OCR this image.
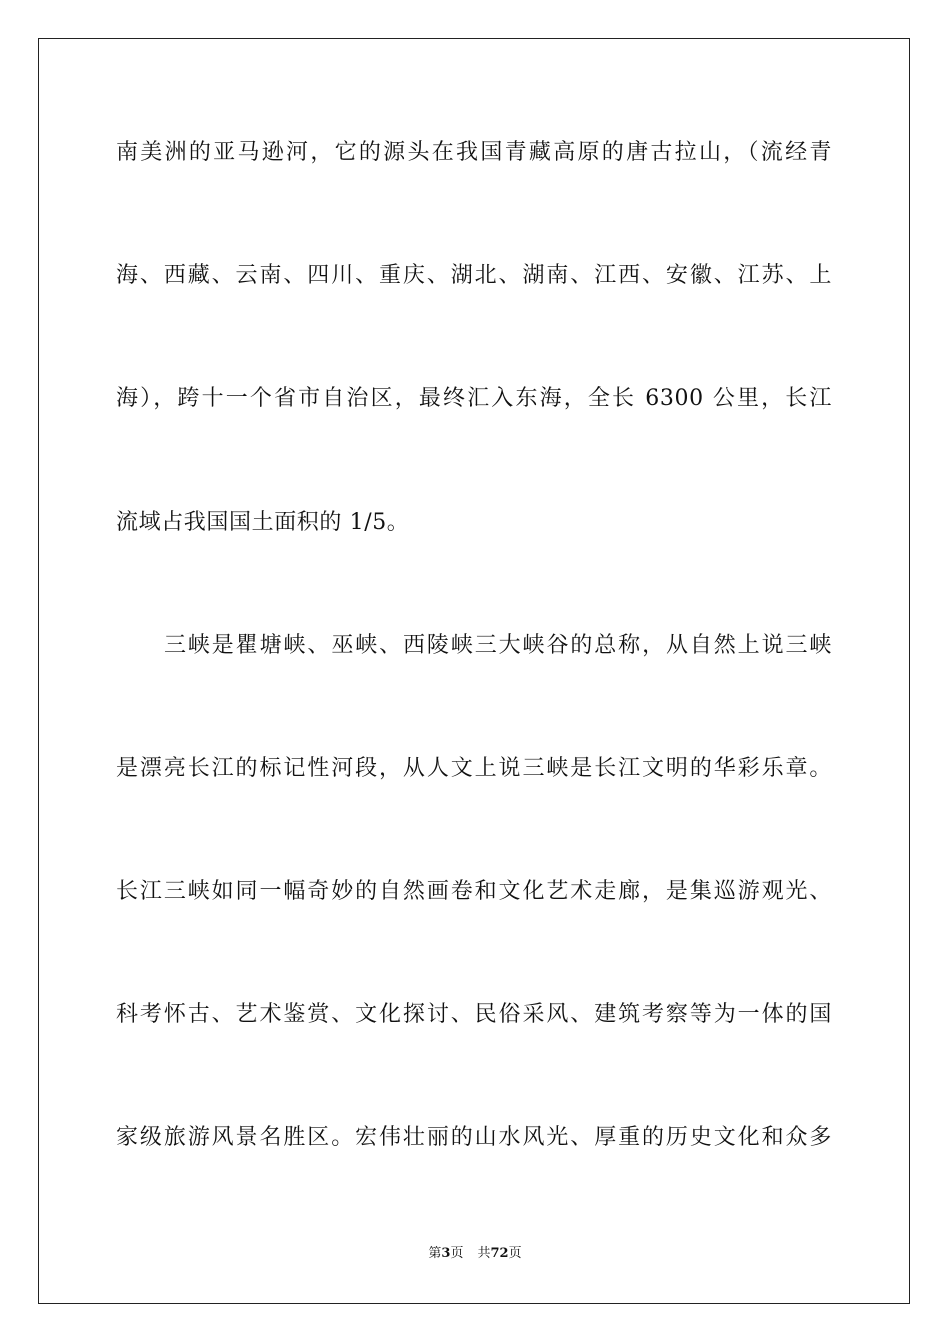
南美洲的亚马逊河，它的源头在我国青藏高原的唐古拉山，（流经青
海、西藏、云南、四川、重庆、湖北、湖南、江西、安徽、江苏、上
海），跨十一个省市自治区，最终汇入东海，全长 6300 公里，长江
流域占我国国土面积的 1/5。
三峡是瞿塘峡、巫峡、西陵峡三大峡谷的总称，从自然上说三峡
是漂亮长江的标记性河段，从人文上说三峡是长江文明的华彩乐章。
长江三峡如同一幅奇妙的自然画卷和文化艺术走廊，是集巡游观光、
科考怀古、艺术鉴赏、文化探讨、民俗采风、建筑考察等为一体的国
家级旅游风景名胜区。宏伟壮丽的山水风光、厚重的历史文化和众多
第3页 共72页
